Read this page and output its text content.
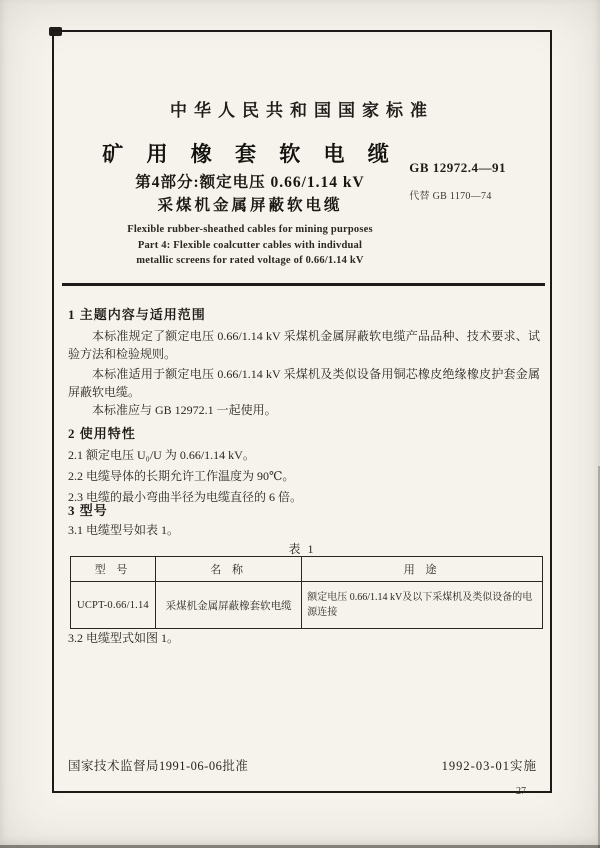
中华人民共和国国家标准
矿 用 橡 套 软 电 缆
第4部分:额定电压 0.66/1.14 kV
采煤机金属屏蔽软电缆
Flexible rubber-sheathed cables for mining purposes
Part 4: Flexible coalcutter cables with indivdual
metallic screens for rated voltage of 0.66/1.14 kV
GB 12972.4—91
代替 GB 1170—74
1 主题内容与适用范围
本标准规定了额定电压 0.66/1.14 kV 采煤机金属屏蔽软电缆产品品种、技术要求、试验方法和检验规则。
本标准适用于额定电压 0.66/1.14 kV 采煤机及类似设备用铜芯橡皮绝缘橡皮护套金属屏蔽软电缆。
本标准应与 GB 12972.1 一起使用。
2 使用特性
2.1 额定电压 U₀/U 为 0.66/1.14 kV。
2.2 电缆导体的长期允许工作温度为 90℃。
2.3 电缆的最小弯曲半径为电缆直径的 6 倍。
3 型号
3.1 电缆型号如表 1。
表 1
型 号	名 称	用 途
UCPT-0.66/1.14	采煤机金属屏蔽橡套软电缆	额定电压 0.66/1.14 kV及以下采煤机及类似设备的电源连接
3.2 电缆型式如图 1。
国家技术监督局1991-06-06批准	1992-03-01实施
27
